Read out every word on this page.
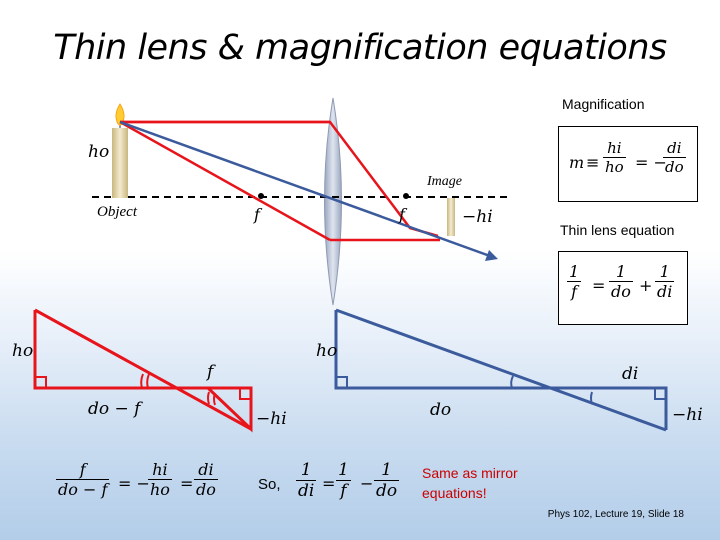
Thin lens & magnification equations
Magnification
Thin lens equation
Object
Image
f	f
ho
−hi
ho
f
do − f	−hi
ho
di
do	−hi
$m \equiv \frac{hi}{ho}$ = −
$\frac{di}{do}$
$\frac{1}{f} = \frac{1}{do} + \frac{1}{di}$
$\frac{f}{do - f}$ = −
$\frac{hi}{ho} = \frac{di}{do}$	So, $\frac{1}{di} = \frac{1}{f} - \frac{1}{do}$ Same as mirror equations!
Phys 102, Lecture 19, Slide 18
